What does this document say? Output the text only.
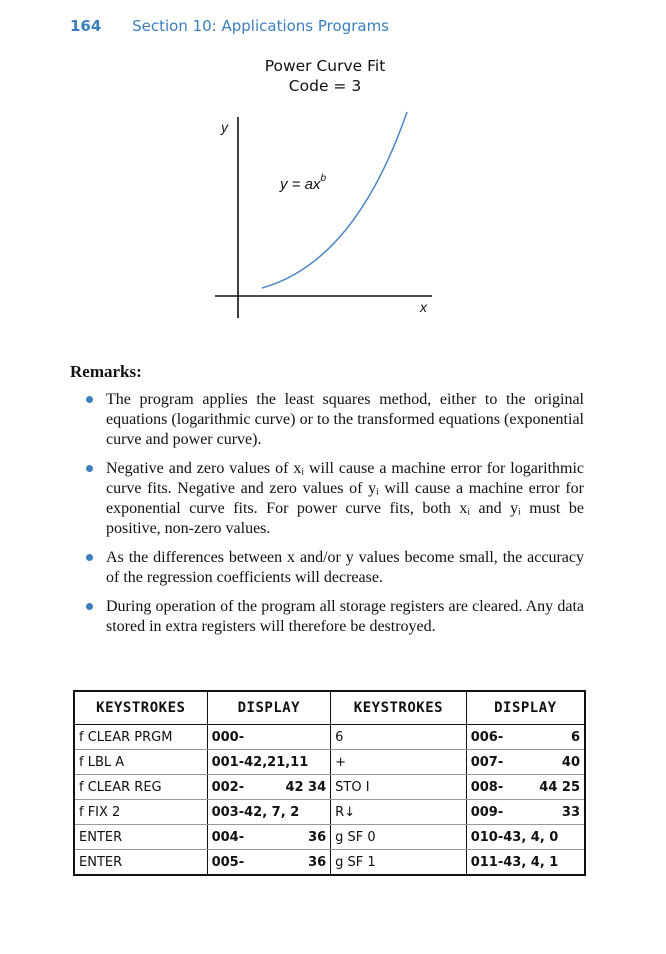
164 Section 10: Applications Programs
Power Curve Fit
Code = 3
y
x
$y = ax^b$
Remarks:
The program applies the least squares method, either to the original equations (logarithmic curve) or to the transformed equations (exponential curve and power curve).
Negative and zero values of xᵢ will cause a machine error for logarithmic curve fits. Negative and zero values of yᵢ will cause a machine error for exponential curve fits. For power curve fits, both xᵢ and yᵢ must be positive, non-zero values.
As the differences between x and/or y values become small, the accuracy of the regression coefficients will decrease.
During operation of the program all storage registers are cleared. Any data stored in extra registers will therefore be destroyed.
KEYSTROKES	DISPLAY	KEYSTROKES	DISPLAY
f CLEAR PRGM	000-	6	006- 6

f LBL A	001-42,21,11	+	007- 40

f CLEAR REG	002- 42 34	STO I	008- 44 25

f FIX 2	003-42, 7, 2	R↓	009- 33

ENTER	004- 36	g SF 0	010-43, 4, 0

ENTER	005- 36	g SF 1	011-43, 4, 1
